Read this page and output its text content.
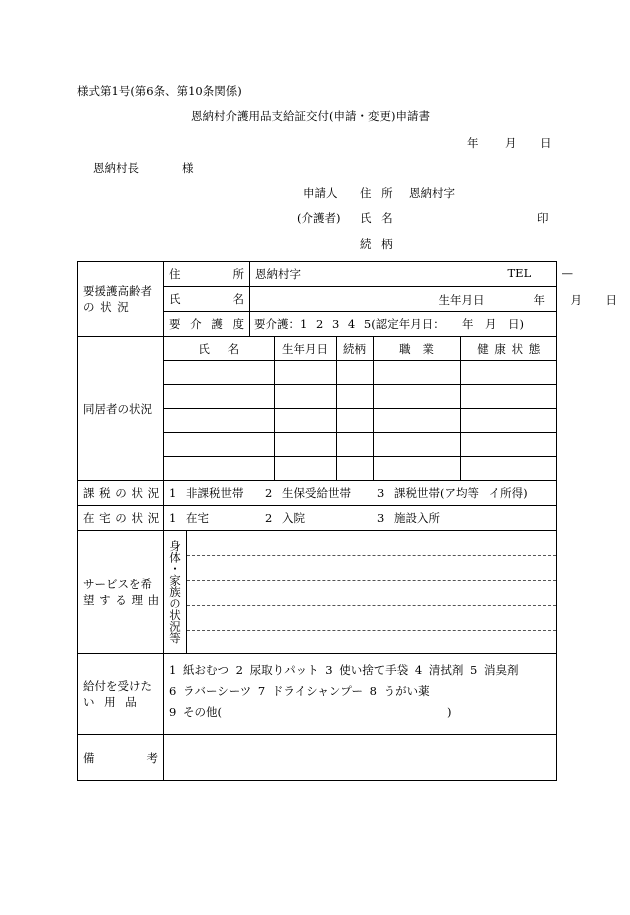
様式第1号(第6条、第10条関係)
恩納村介護用品支給証交付(申請・変更)申請書
年 月 日
恩納村長	様
申請人 住 所 恩納村字
(介護者) 氏 名	印
続 柄
要援護高齢者
の 状 況

住	所	恩納村字	TEL	—

氏	名	生年月日	年 月 日

要 介 護 度	要介護：1 2 3 4 5(認定年月日：　　年　月　日)
同居者の状況	
氏 名	生年月日	続柄	職 業	健 康 状 態

課 税 の 状 況	1 非課税世帯 2 生保受給世帯 3 課税世帯(ア均等 イ所得)

在 宅 の 状 況	1 在宅	2 入院	3 施設入所

サービスを希
望 す る 理 由	身体・家族の状況等

給付を受けた
い 用 品

1 紙おむつ 2 尿取りパット 3 使い捨て手袋 4 清拭剤 5 消臭剤
6 ラバーシーツ 7 ドライシャンプー 8 うがい薬
9 その他(	)

備	考
